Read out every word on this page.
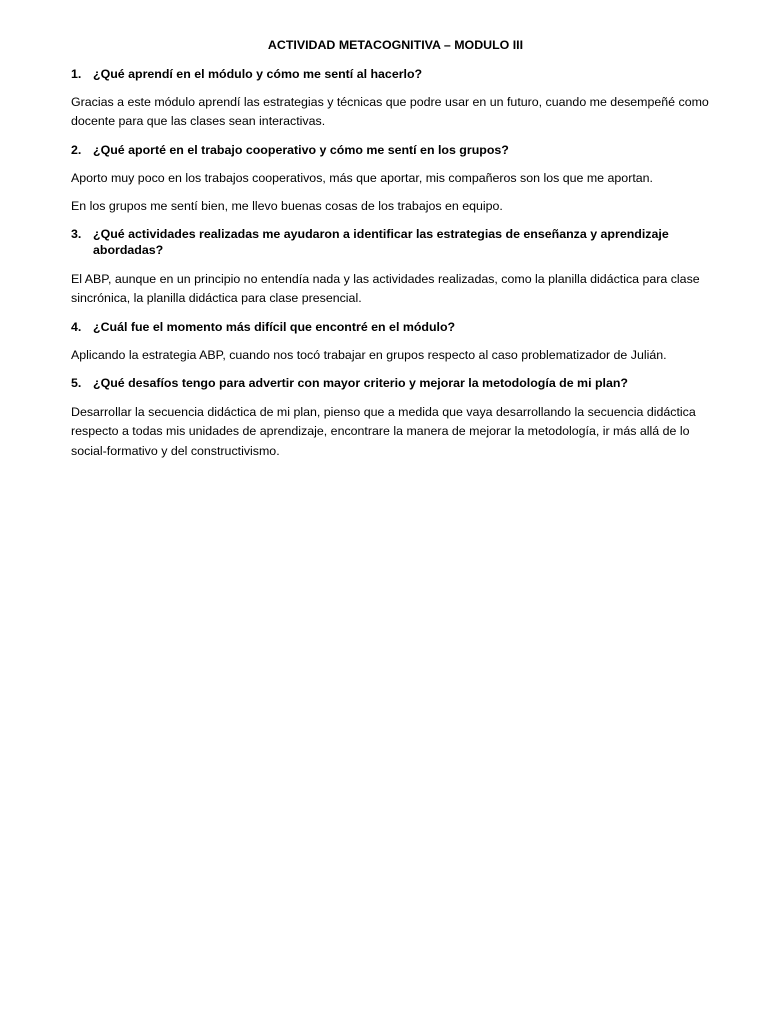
ACTIVIDAD METACOGNITIVA – MODULO III
1. ¿Qué aprendí en el módulo y cómo me sentí al hacerlo?

Gracias a este módulo aprendí las estrategias y técnicas que podre usar en un futuro, cuando me desempeñé como docente para que las clases sean interactivas.

2. ¿Qué aporté en el trabajo cooperativo y cómo me sentí en los grupos?

Aporto muy poco en los trabajos cooperativos, más que aportar, mis compañeros son los que me aportan.

En los grupos me sentí bien, me llevo buenas cosas de los trabajos en equipo.

3. ¿Qué actividades realizadas me ayudaron a identificar las estrategias de enseñanza y aprendizaje abordadas?

El ABP, aunque en un principio no entendía nada y las actividades realizadas, como la planilla didáctica para clase sincrónica, la planilla didáctica para clase presencial.

4. ¿Cuál fue el momento más difícil que encontré en el módulo?

Aplicando la estrategia ABP, cuando nos tocó trabajar en grupos respecto al caso problematizador de Julián.

5. ¿Qué desafíos tengo para advertir con mayor criterio y mejorar la metodología de mi plan?

Desarrollar la secuencia didáctica de mi plan, pienso que a medida que vaya desarrollando la secuencia didáctica respecto a todas mis unidades de aprendizaje, encontrare la manera de mejorar la metodología, ir más allá de lo social-formativo y del constructivismo.
